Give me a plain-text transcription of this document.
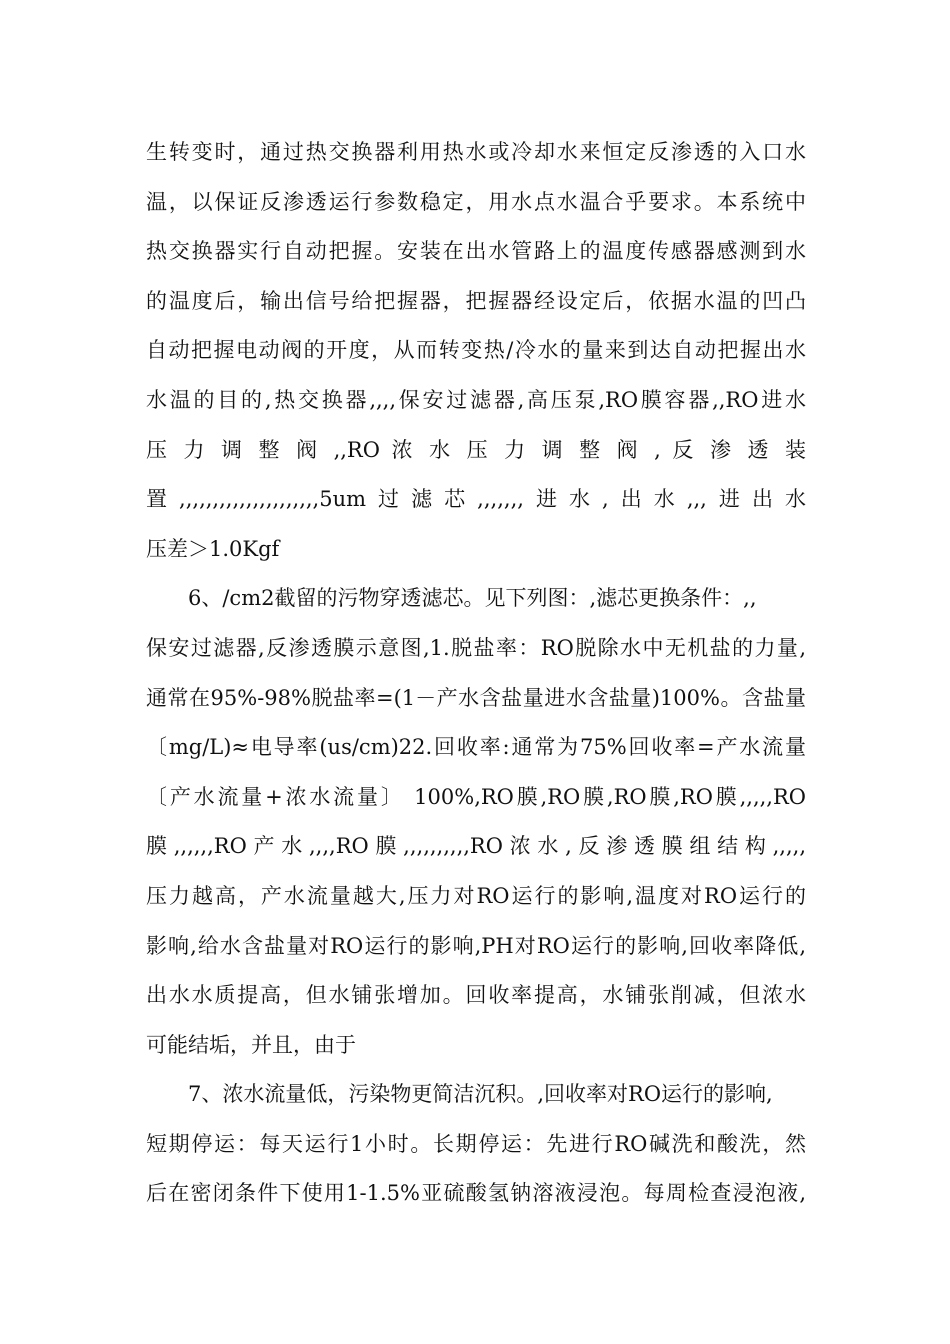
生转变时，通过热交换器利用热水或冷却水来恒定反渗透的入口水
温，以保证反渗透运行参数稳定，用水点水温合乎要求。本系统中
热交换器实行自动把握。安装在出水管路上的温度传感器感测到水
的温度后，输出信号给把握器，把握器经设定后，依据水温的凹凸
自动把握电动阀的开度，从而转变热/冷水的量来到达自动把握出水
水温的目的,热交换器,,,,保安过滤器,高压泵,RO膜容器,,RO进水
压 力 调 整 阀 ,,RO 浓 水 压 力 调 整 阀 , 反 渗 透 装
置,,,,,,,,,,,,,,,,,,,,,5um过滤芯,,,,,,,进水,出水,,,进出水
压差＞1.0Kgf
6、/cm2截留的污物穿透滤芯。见下列图：,滤芯更换条件：,,
保安过滤器,反渗透膜示意图,1.脱盐率：RO脱除水中无机盐的力量,
通常在95%-98%脱盐率=(1－产水含盐量进水含盐量)100%。含盐量
〔mg/L)≈电导率(us/cm)22.回收率:通常为75%回收率=产水流量
〔产水流量+浓水流量〕 100%,RO膜,RO膜,RO膜,RO膜,,,,,RO
膜,,,,,,RO产水,,,,RO膜,,,,,,,,,,RO浓水,反渗透膜组结构,,,,,
压力越高，产水流量越大,压力对RO运行的影响,温度对RO运行的
影响,给水含盐量对RO运行的影响,PH对RO运行的影响,回收率降低,
出水水质提高，但水铺张增加。回收率提高，水铺张削减，但浓水
可能结垢，并且，由于
7、浓水流量低，污染物更简洁沉积。,回收率对RO运行的影响,
短期停运：每天运行1小时。长期停运：先进行RO碱洗和酸洗，然
后在密闭条件下使用1-1.5%亚硫酸氢钠溶液浸泡。每周检查浸泡液,
